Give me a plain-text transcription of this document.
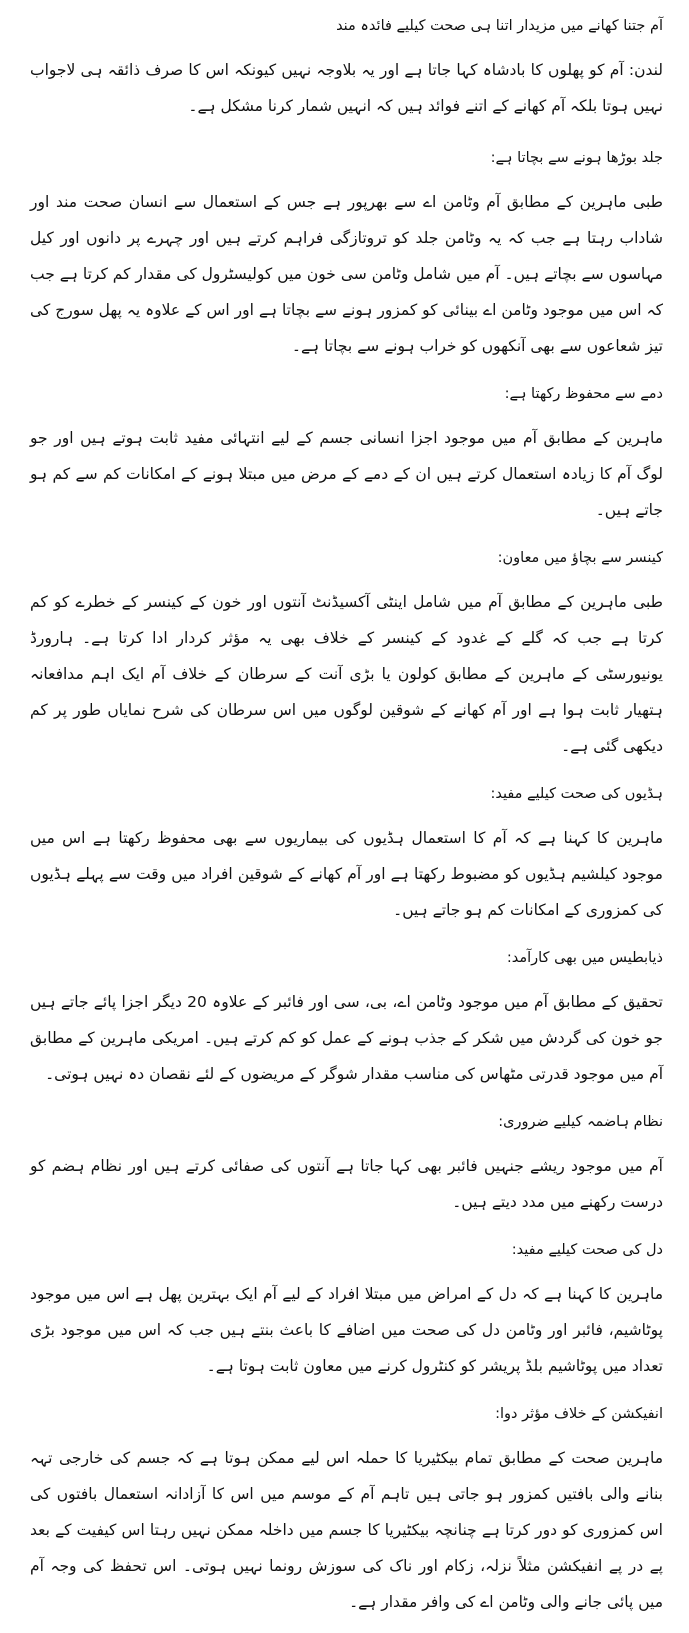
آم جتنا کھانے میں مزیدار اتنا ہی صحت کیلیے فائدہ مند
لندن: آم کو پھلوں کا بادشاہ کہا جاتا ہے اور یہ بلاوجہ نہیں کیونکہ اس کا صرف ذائقہ ہی لاجواب نہیں ہوتا بلکہ آم کھانے کے اتنے فوائد ہیں کہ انہیں شمار کرنا مشکل ہے۔
جلد بوڑھا ہونے سے بچاتا ہے:
طبی ماہرین کے مطابق آم وٹامن اے سے بھرپور ہے جس کے استعمال سے انسان صحت مند اور شاداب رہتا ہے جب کہ یہ وٹامن جلد کو تروتازگی فراہم کرتے ہیں اور چہرے پر دانوں اور کیل مہاسوں سے بچاتے ہیں۔ آم میں شامل وٹامن سی خون میں کولیسٹرول کی مقدار کم کرتا ہے جب کہ اس میں موجود وٹامن اے بینائی کو کمزور ہونے سے بچاتا ہے اور اس کے علاوہ یہ پھل سورج کی تیز شعاعوں سے بھی آنکھوں کو خراب ہونے سے بچاتا ہے۔
دمے سے محفوظ رکھتا ہے:
ماہرین کے مطابق آم میں موجود اجزا انسانی جسم کے لیے انتہائی مفید ثابت ہوتے ہیں اور جو لوگ آم کا زیادہ استعمال کرتے ہیں ان کے دمے کے مرض میں مبتلا ہونے کے امکانات کم سے کم ہو جاتے ہیں۔
کینسر سے بچاؤ میں معاون:
طبی ماہرین کے مطابق آم میں شامل اینٹی آکسیڈنٹ آنتوں اور خون کے کینسر کے خطرے کو کم کرتا ہے جب کہ گلے کے غدود کے کینسر کے خلاف بھی یہ مؤثر کردار ادا کرتا ہے۔ ہارورڈ یونیورسٹی کے ماہرین کے مطابق کولون یا بڑی آنت کے سرطان کے خلاف آم ایک اہم مدافعانہ ہتھیار ثابت ہوا ہے اور آم کھانے کے شوقین لوگوں میں اس سرطان کی شرح نمایاں طور پر کم دیکھی گئی ہے۔
ہڈیوں کی صحت کیلیے مفید:
ماہرین کا کہنا ہے کہ آم کا استعمال ہڈیوں کی بیماریوں سے بھی محفوظ رکھتا ہے اس میں موجود کیلشیم ہڈیوں کو مضبوط رکھتا ہے اور آم کھانے کے شوقین افراد میں وقت سے پہلے ہڈیوں کی کمزوری کے امکانات کم ہو جاتے ہیں۔
ذیابطیس میں بھی کارآمد:
تحقیق کے مطابق آم میں موجود وٹامن اے، بی، سی اور فائبر کے علاوہ 20 دیگر اجزا پائے جاتے ہیں جو خون کی گردش میں شکر کے جذب ہونے کے عمل کو کم کرتے ہیں۔ امریکی ماہرین کے مطابق آم میں موجود قدرتی مٹھاس کی مناسب مقدار شوگر کے مریضوں کے لئے نقصان دہ نہیں ہوتی۔
نظام ہاضمہ کیلیے ضروری:
آم میں موجود ریشے جنہیں فائبر بھی کہا جاتا ہے آنتوں کی صفائی کرتے ہیں اور نظام ہضم کو درست رکھنے میں مدد دیتے ہیں۔
دل کی صحت کیلیے مفید:
ماہرین کا کہنا ہے کہ دل کے امراض میں مبتلا افراد کے لیے آم ایک بہترین پھل ہے اس میں موجود پوٹاشیم، فائبر اور وٹامن دل کی صحت میں اضافے کا باعث بنتے ہیں جب کہ اس میں موجود بڑی تعداد میں پوٹاشیم بلڈ پریشر کو کنٹرول کرنے میں معاون ثابت ہوتا ہے۔
انفیکشن کے خلاف مؤثر دوا:
ماہرین صحت کے مطابق تمام بیکٹیریا کا حملہ اس لیے ممکن ہوتا ہے کہ جسم کی خارجی تہہ بنانے والی بافتیں کمزور ہو جاتی ہیں تاہم آم کے موسم میں اس کا آزادانہ استعمال بافتوں کی اس کمزوری کو دور کرتا ہے چنانچہ بیکٹیریا کا جسم میں داخلہ ممکن نہیں رہتا اس کیفیت کے بعد پے در پے انفیکشن مثلاً نزلہ، زکام اور ناک کی سوزش رونما نہیں ہوتی۔ اس تحفظ کی وجہ آم میں پائی جانے والی وٹامن اے کی وافر مقدار ہے۔
